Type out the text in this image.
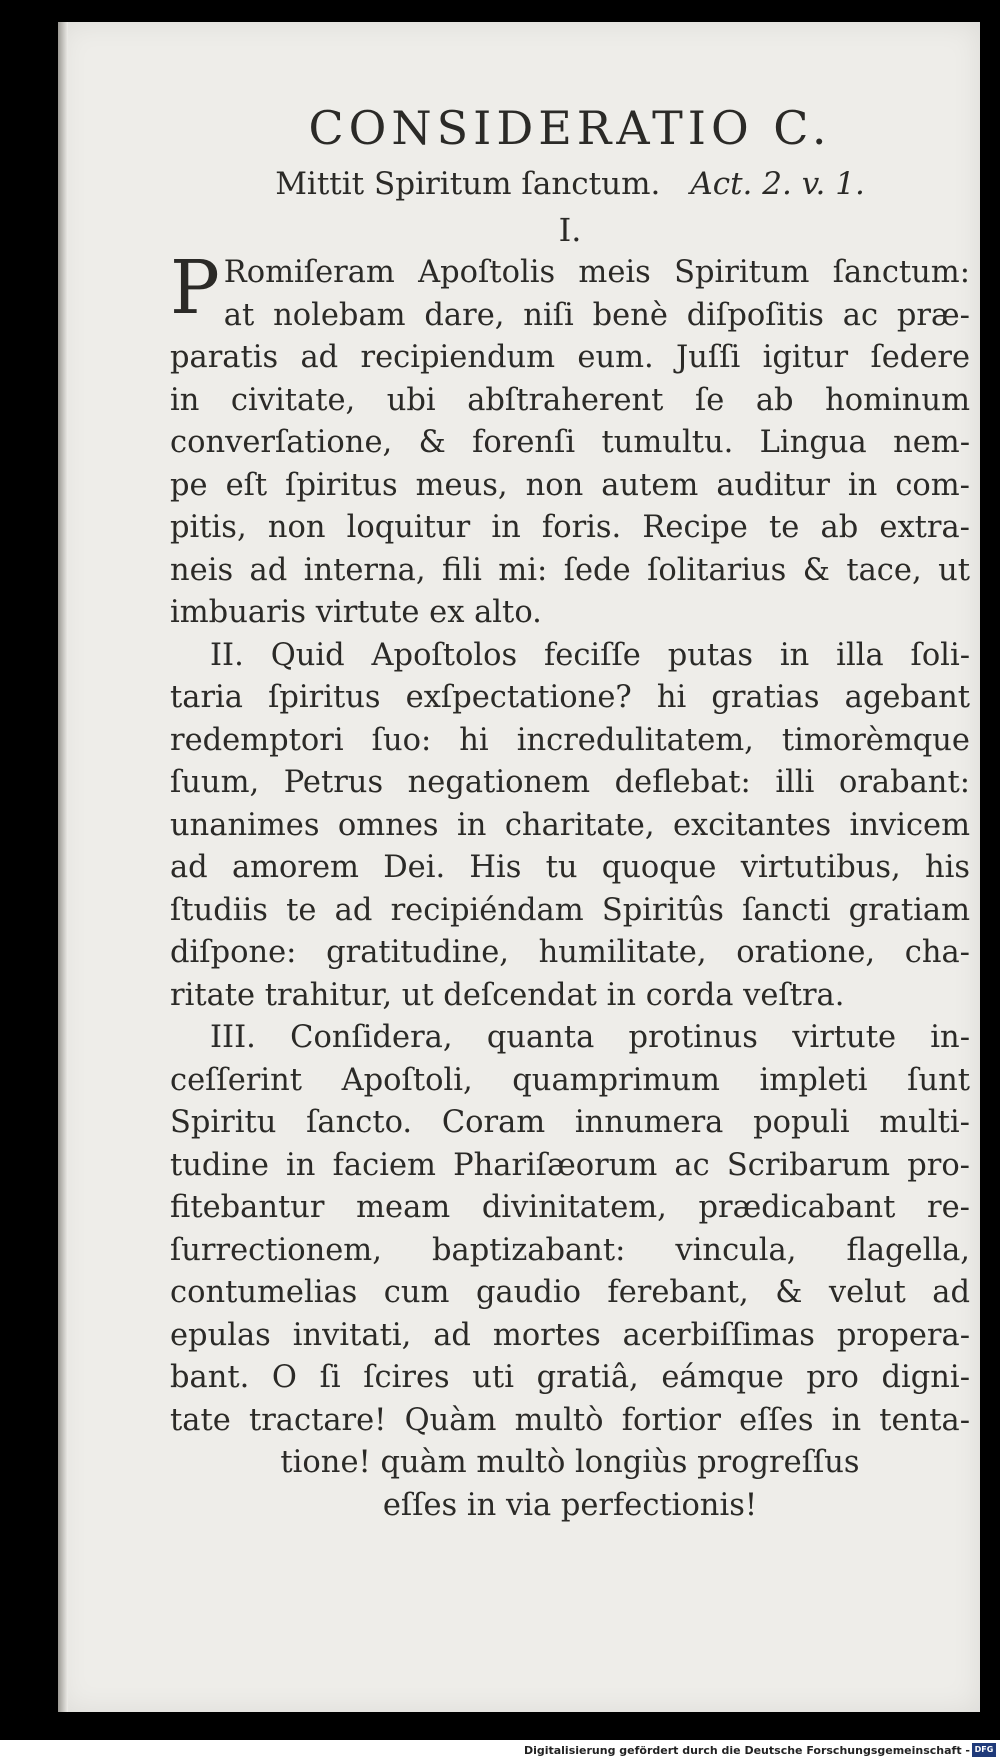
CONSIDERATIO C.

Mittit Spiritum ſanctum. Act. 2. v. 1.

I.
P Romiſeram Apoſtolis meis Spiritum ſanctum:
at nolebam dare, niſi benè diſpoſitis ac præ-
paratis ad recipiendum eum. Juſſi igitur ſedere
in civitate, ubi abſtraherent ſe ab hominum
converſatione, & forenſi tumultu. Lingua nem-
pe eſt ſpiritus meus, non autem auditur in com-
pitis, non loquitur in foris. Recipe te ab extra-
neis ad interna, fili mi: ſede ſolitarius & tace, ut
imbuaris virtute ex alto.
II. Quid Apoſtolos feciſſe putas in illa ſoli-
taria ſpiritus exſpectatione? hi gratias agebant
redemptori ſuo: hi incredulitatem, timorèmque
ſuum, Petrus negationem deflebat: illi orabant:
unanimes omnes in charitate, excitantes invicem
ad amorem Dei. His tu quoque virtutibus, his
ſtudiis te ad recipiéndam Spiritûs ſancti gratiam
diſpone: gratitudine, humilitate, oratione, cha-
ritate trahitur, ut deſcendat in corda veſtra.
III. Conſidera, quanta protinus virtute in-
ceſſerint Apoſtoli, quamprimum impleti ſunt
Spiritu ſancto. Coram innumera populi multi-
tudine in faciem Phariſæorum ac Scribarum pro-
fitebantur meam divinitatem, prædicabant re-
ſurrectionem, baptizabant: vincula, flagella,
contumelias cum gaudio ferebant, & velut ad
epulas invitati, ad mortes acerbiſſimas propera-
bant. O ſi ſcires uti gratiâ, eámque pro digni-
tate tractare! Quàm multò fortior eſſes in tenta-
tione! quàm multò longiùs progreſſus
eſſes in via perfectionis!
Digitalisierung gefördert durch die Deutsche Forschungsgemeinschaft - DFG
